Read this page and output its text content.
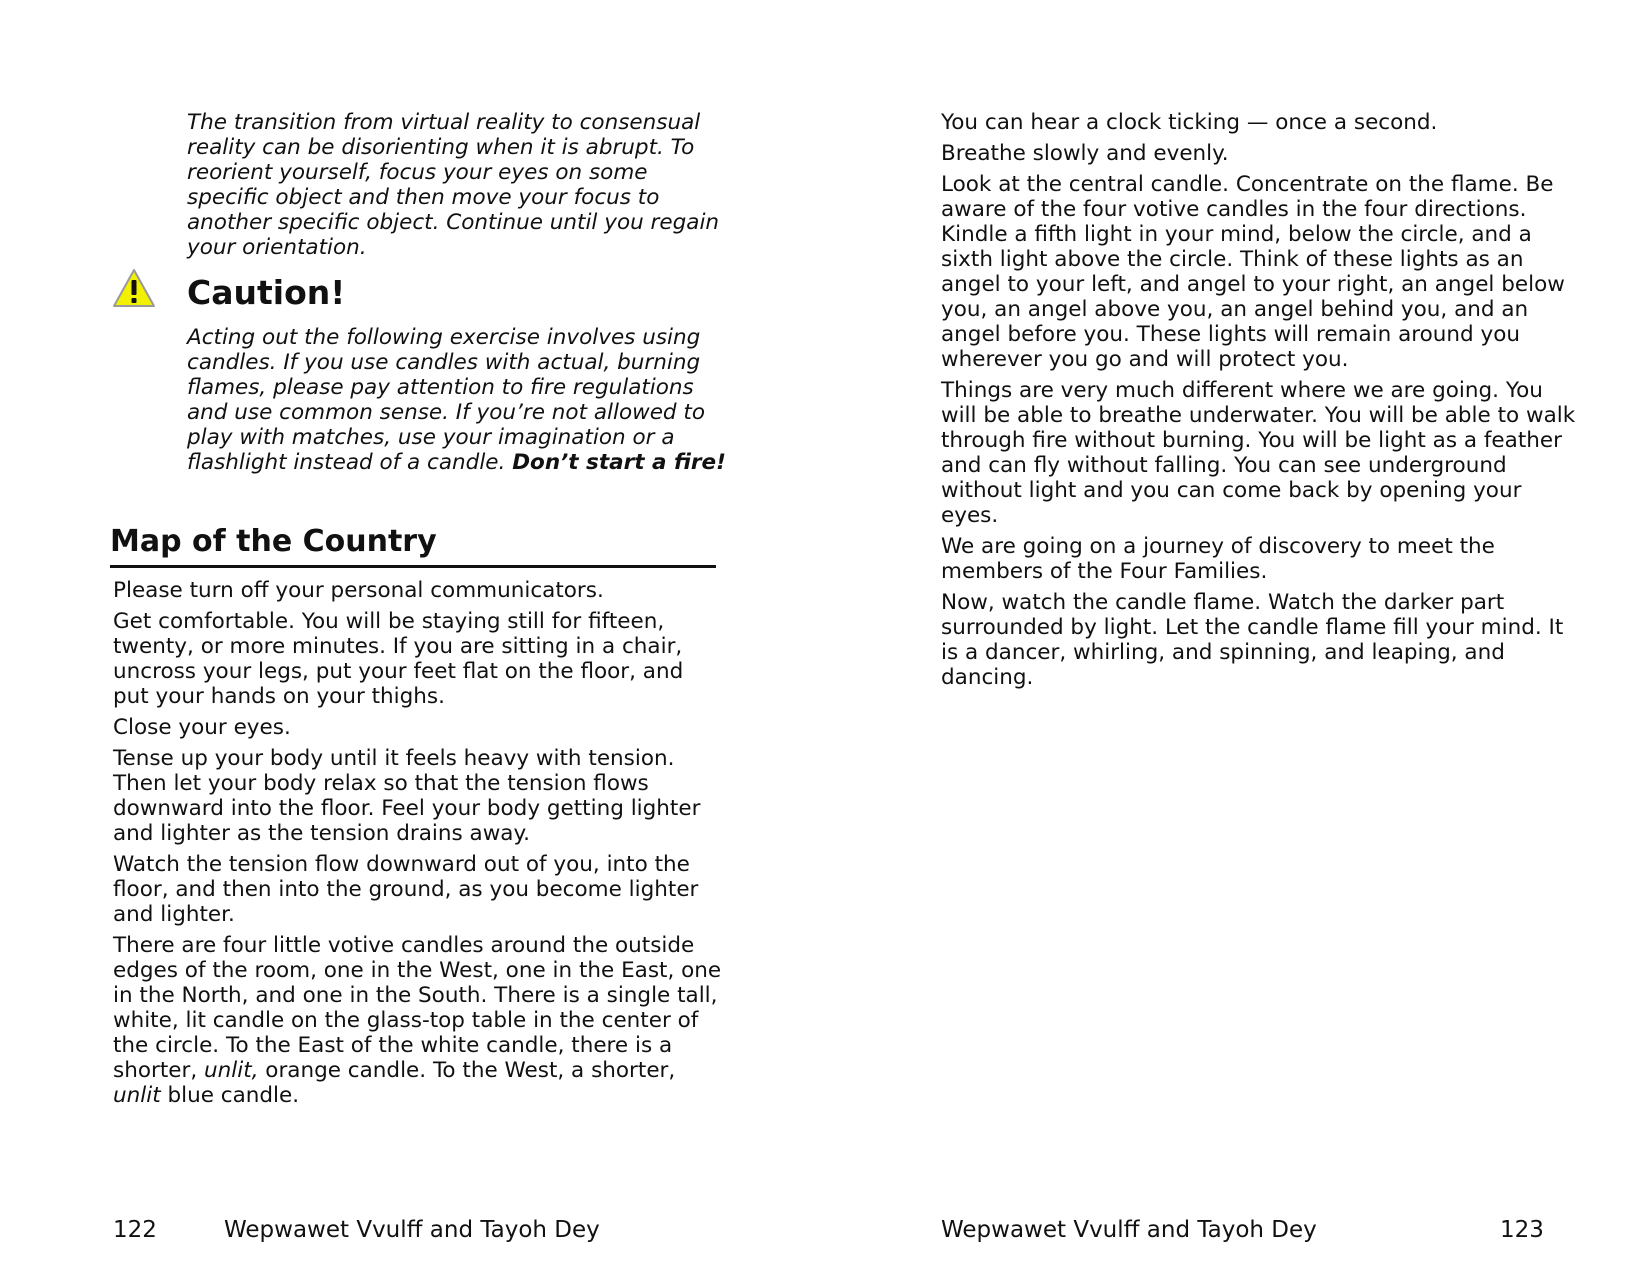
The transition from virtual reality to consensual reality can be disorienting when it is abrupt. To reorient yourself, focus your eyes on some specific object and then move your focus to another specific object. Continue until you regain your orientation.
Caution!
Acting out the following exercise involves using candles. If you use candles with actual, burning flames, please pay attention to fire regulations and use common sense. If you’re not allowed to play with matches, use your imagination or a flashlight instead of a candle. Don’t start a fire!
Map of the Country

Please turn off your personal communicators.

Get comfortable. You will be staying still for fifteen, twenty, or more minutes. If you are sitting in a chair, uncross your legs, put your feet flat on the floor, and put your hands on your thighs.

Close your eyes.

Tense up your body until it feels heavy with tension. Then let your body relax so that the tension flows downward into the floor. Feel your body getting lighter and lighter as the tension drains away.

Watch the tension flow downward out of you, into the floor, and then into the ground, as you become lighter and lighter.

There are four little votive candles around the outside edges of the room, one in the West, one in the East, one in the North, and one in the South. There is a single tall, white, lit candle on the glass-top table in the center of the circle. To the East of the white candle, there is a shorter, unlit, orange candle. To the West, a shorter, unlit blue candle.

122	Wepwawet Vvulff and Tayoh Dey

You can hear a clock ticking — once a second.

Breathe slowly and evenly.

Look at the central candle. Concentrate on the flame. Be aware of the four votive candles in the four directions. Kindle a fifth light in your mind, below the circle, and a sixth light above the circle. Think of these lights as an angel to your left, and angel to your right, an angel below you, an angel above you, an angel behind you, and an angel before you. These lights will remain around you wherever you go and will protect you.

Things are very much different where we are going. You will be able to breathe underwater. You will be able to walk through fire without burning. You will be light as a feather and can fly without falling. You can see underground without light and you can come back by opening your eyes.

We are going on a journey of discovery to meet the members of the Four Families.

Now, watch the candle flame. Watch the darker part surrounded by light. Let the candle flame fill your mind. It is a dancer, whirling, and spinning, and leaping, and dancing.

Wepwawet Vvulff and Tayoh Dey	123
